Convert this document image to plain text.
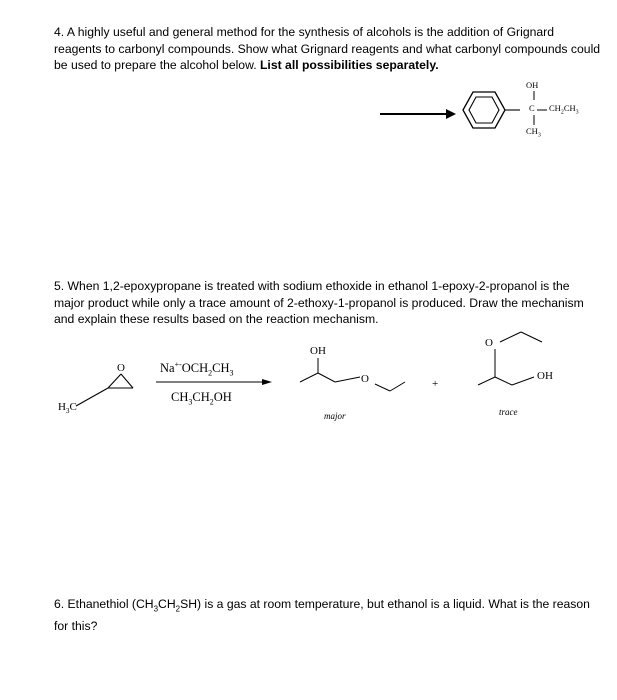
4. A highly useful and general method for the synthesis of alcohols is the addition of Grignard reagents to carbonyl compounds. Show what Grignard reagents and what carbonyl compounds could be used to prepare the alcohol below. List all possibilities separately.
OH
C $CH_2CH_3$
$CH_3$
5. When 1,2-epoxypropane is treated with sodium ethoxide in ethanol 1-epoxy-2-propanol is the major product while only a trace amount of 2-ethoxy-1-propanol is produced. Draw the mechanism and explain these results based on the reaction mechanism.
O
$H_3C$
$Na^{+-}OCH_2CH_3$
$CH_3CH_2OH$
OH
O	+
O
OH
major	trace
6. Ethanethiol $(CH_3CH_2SH)$ is a gas at room temperature, but ethanol is a liquid. What is the reason for this?
